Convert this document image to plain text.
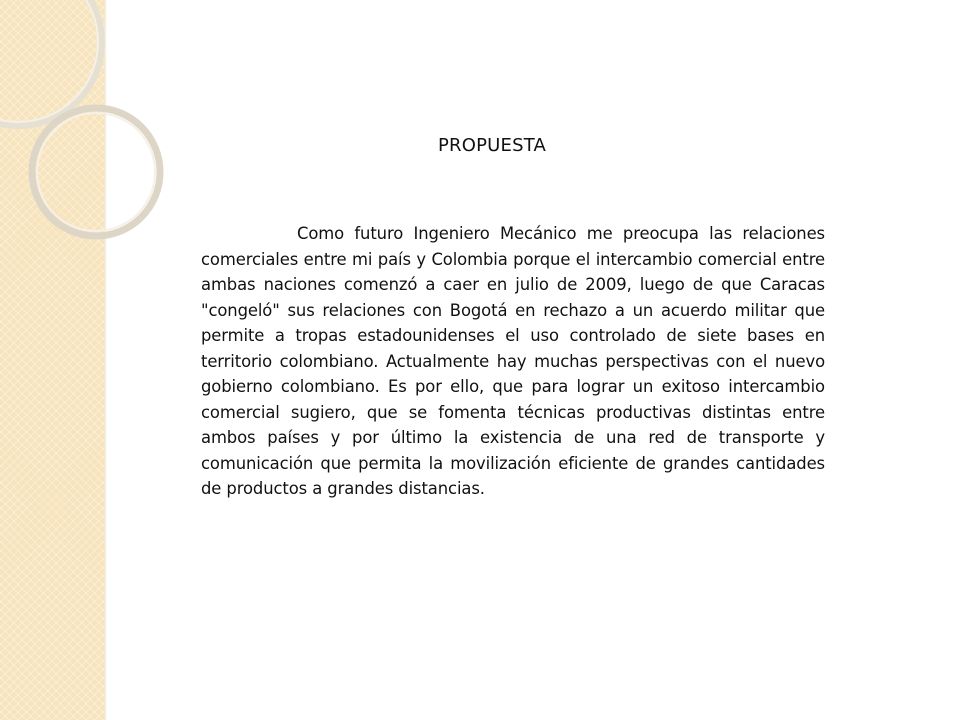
PROPUESTA

Como futuro Ingeniero Mecánico me preocupa las relaciones comerciales entre mi país y Colombia porque el intercambio comercial entre ambas naciones comenzó a caer en julio de 2009, luego de que Caracas "congeló" sus relaciones con Bogotá en rechazo a un acuerdo militar que permite a tropas estadounidenses el uso controlado de siete bases en territorio colombiano. Actualmente hay muchas perspectivas con el nuevo gobierno colombiano. Es por ello, que para lograr un exitoso intercambio comercial sugiero, que se fomenta técnicas productivas distintas entre ambos países y por último la existencia de una red de transporte y comunicación que permita la movilización eficiente de grandes cantidades de productos a grandes distancias.
